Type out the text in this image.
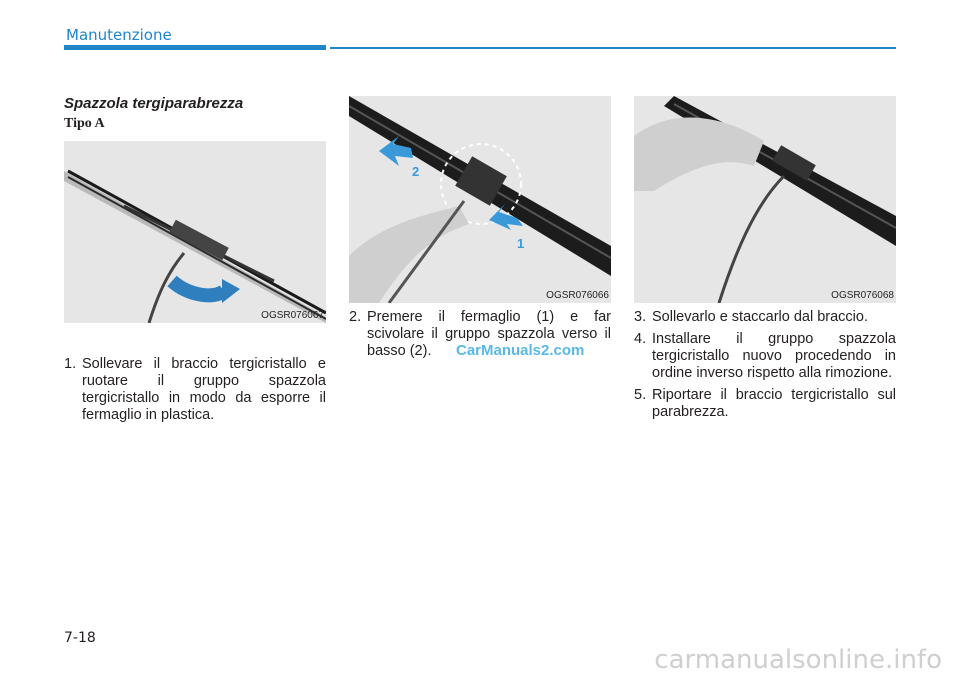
Manutenzione
Spazzola tergiparabrezza
Tipo A
OGSR076067
2
1
OGSR076066	OGSR076068
1. Sollevare il braccio tergicristallo e ruotare il gruppo spazzola tergicristallo in modo da esporre il fermaglio in plastica.
2. Premere il fermaglio (1) e far scivolare il gruppo spazzola verso il basso (2).	CarManuals2.com
3. Sollevarlo e staccarlo dal braccio.
4. Installare il gruppo spazzola tergicristallo nuovo procedendo in ordine inverso rispetto alla rimozione.
5. Riportare il braccio tergicristallo sul parabrezza.
7-18
carmanualsonline.info
